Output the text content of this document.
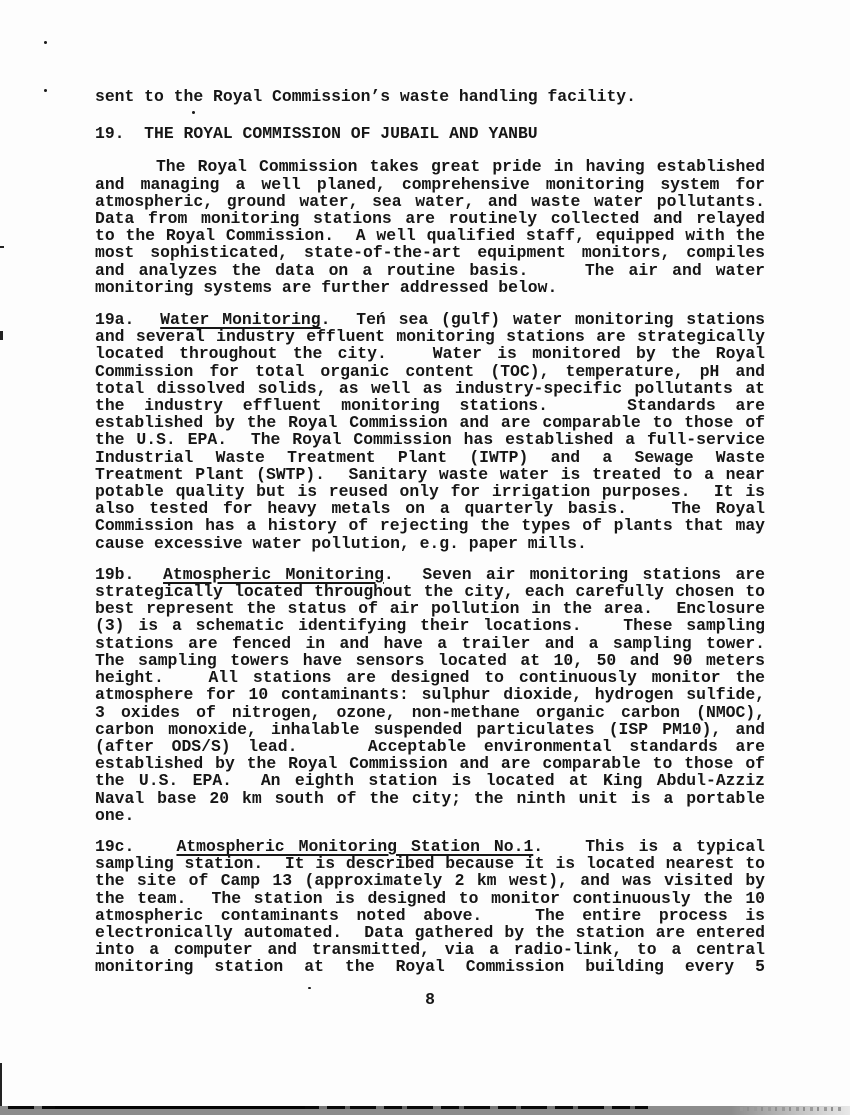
sent to the Royal Commission’s waste handling facility.
19.  THE ROYAL COMMISSION OF JUBAIL AND YANBU
The Royal Commission takes great pride in having established
and managing a well planed, comprehensive monitoring system for
atmospheric, ground water, sea water, and waste water pollutants.
Data from monitoring stations are routinely collected and relayed
to the Royal Commission.  A well qualified staff, equipped with the
most sophisticated, state-of-the-art equipment monitors, compiles
and analyzes the data on a routine basis.    The air and water
monitoring systems are further addressed below.
19a.  Water Monitoring.  Teń sea (gulf) water monitoring stations
and several industry effluent monitoring stations are strategically
located throughout the city.   Water is monitored by the Royal
Commission for total organic content (TOC), temperature, pH and
total dissolved solids, as well as industry-specific pollutants at
the industry effluent monitoring stations.    Standards are
established by the Royal Commission and are comparable to those of
the U.S. EPA.  The Royal Commission has established a full-service
Industrial Waste Treatment Plant (IWTP) and a Sewage Waste
Treatment Plant (SWTP).  Sanitary waste water is treated to a near
potable quality but is reused only for irrigation purposes.  It is
also tested for heavy metals on a quarterly basis.   The Royal
Commission has a history of rejecting the types of plants that may
cause excessive water pollution, e.g. paper mills.
19b.  Atmospheric Monitoring.  Seven air monitoring stations are
strategically located throughout the city, each carefully chosen to
best represent the status of air pollution in the area.  Enclosure
(3) is a schematic identifying their locations.   These sampling
stations are fenced in and have a trailer and a sampling tower.
The sampling towers have sensors located at 10, 50 and 90 meters
height.   All stations are designed to continuously monitor the
atmosphere for 10 contaminants: sulphur dioxide, hydrogen sulfide,
3 oxides of nitrogen, ozone, non-methane organic carbon (NMOC),
carbon monoxide, inhalable suspended particulates (ISP PM10), and
(after ODS/S) lead.    Acceptable environmental standards are
established by the Royal Commission and are comparable to those of
the U.S. EPA.  An eighth station is located at King Abdul-Azziz
Naval base 20 km south of the city; the ninth unit is a portable
one.
19c.   Atmospheric Monitoring Station No.1.   This is a typical
sampling station.  It is described because it is located nearest to
the site of Camp 13 (approximately 2 km west), and was visited by
the team.  The station is designed to monitor continuously the 10
atmospheric contaminants noted above.   The entire process is
electronically automated.  Data gathered by the station are entered
into a computer and transmitted, via a radio-link, to a central
monitoring station at the Royal Commission building every 5
8
